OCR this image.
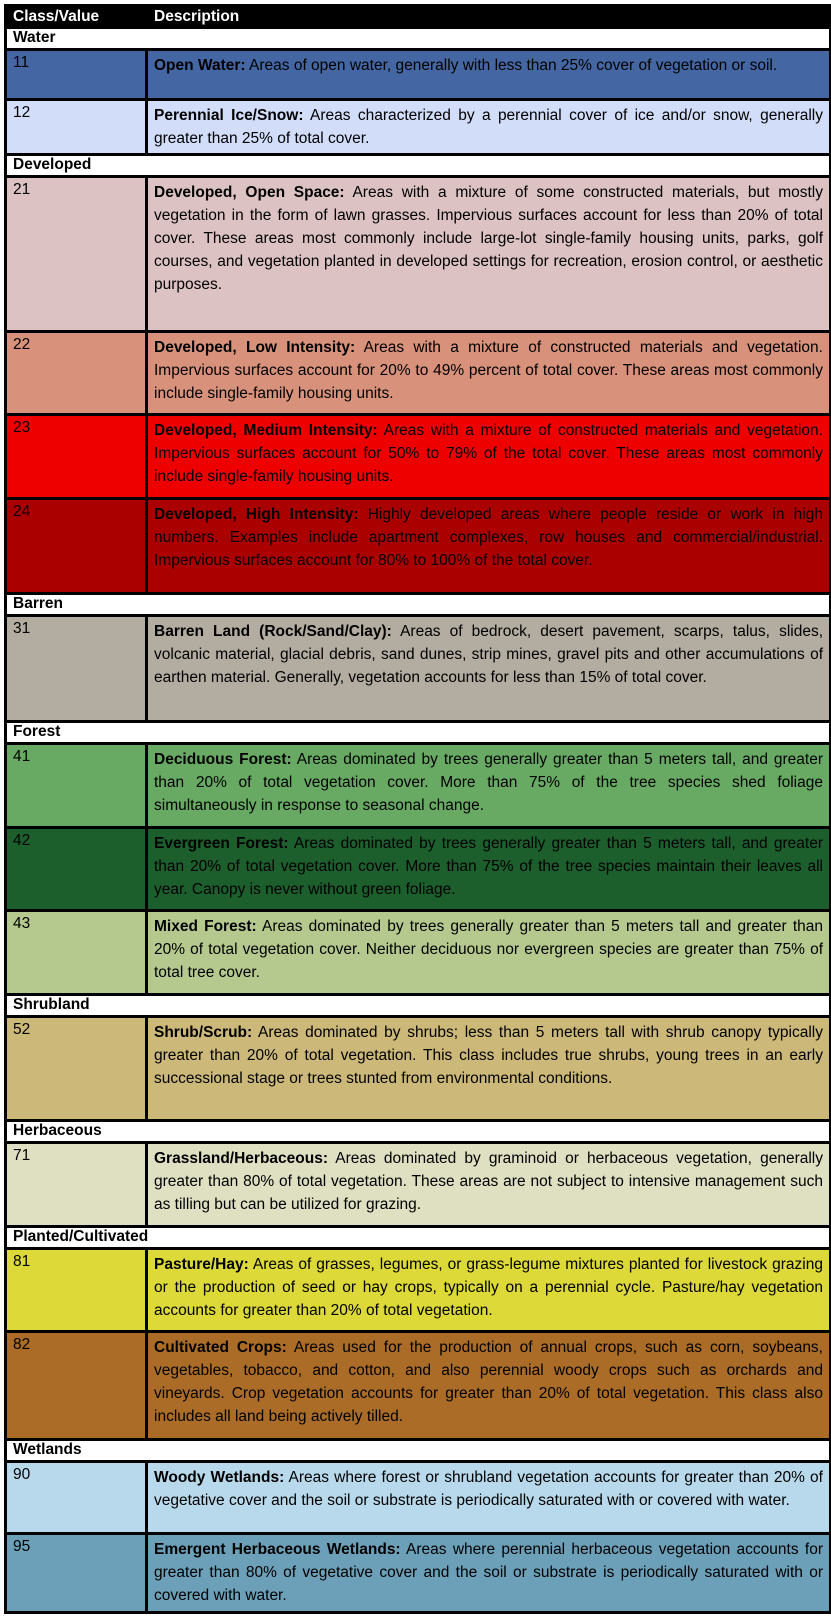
Class/Value	Description
Water	
11	Open Water: Areas of open water, generally with less than 25% cover of vegetation or soil.
12	Perennial Ice/Snow: Areas characterized by a perennial cover of ice and/or snow, generally greater than 25% of total cover.
Developed	
21	Developed, Open Space: Areas with a mixture of some constructed materials, but mostly vegetation in the form of lawn grasses. Impervious surfaces account for less than 20% of total cover. These areas most commonly include large-lot single-family housing units, parks, golf courses, and vegetation planted in developed settings for recreation, erosion control, or aesthetic purposes.
22	Developed, Low Intensity: Areas with a mixture of constructed materials and vegetation. Impervious surfaces account for 20% to 49% percent of total cover. These areas most commonly include single-family housing units.
23	Developed, Medium Intensity: Areas with a mixture of constructed materials and vegetation. Impervious surfaces account for 50% to 79% of the total cover. These areas most commonly include single-family housing units.
24	Developed, High Intensity: Highly developed areas where people reside or work in high numbers. Examples include apartment complexes, row houses and commercial/industrial. Impervious surfaces account for 80% to 100% of the total cover.
Barren	
31	Barren Land (Rock/Sand/Clay): Areas of bedrock, desert pavement, scarps, talus, slides, volcanic material, glacial debris, sand dunes, strip mines, gravel pits and other accumulations of earthen material. Generally, vegetation accounts for less than 15% of total cover.
Forest	
41	Deciduous Forest: Areas dominated by trees generally greater than 5 meters tall, and greater than 20% of total vegetation cover. More than 75% of the tree species shed foliage simultaneously in response to seasonal change.
42	Evergreen Forest: Areas dominated by trees generally greater than 5 meters tall, and greater than 20% of total vegetation cover. More than 75% of the tree species maintain their leaves all year. Canopy is never without green foliage.
43	Mixed Forest: Areas dominated by trees generally greater than 5 meters tall and greater than 20% of total vegetation cover. Neither deciduous nor evergreen species are greater than 75% of total tree cover.
Shrubland	
52	Shrub/Scrub: Areas dominated by shrubs; less than 5 meters tall with shrub canopy typically greater than 20% of total vegetation. This class includes true shrubs, young trees in an early successional stage or trees stunted from environmental conditions.
Herbaceous	
71	Grassland/Herbaceous: Areas dominated by graminoid or herbaceous vegetation, generally greater than 80% of total vegetation. These areas are not subject to intensive management such as tilling but can be utilized for grazing.
Planted/Cultivated	
81	Pasture/Hay: Areas of grasses, legumes, or grass-legume mixtures planted for livestock grazing or the production of seed or hay crops, typically on a perennial cycle. Pasture/hay vegetation accounts for greater than 20% of total vegetation.
82	Cultivated Crops: Areas used for the production of annual crops, such as corn, soybeans, vegetables, tobacco, and cotton, and also perennial woody crops such as orchards and vineyards. Crop vegetation accounts for greater than 20% of total vegetation. This class also includes all land being actively tilled.
Wetlands	
90	Woody Wetlands: Areas where forest or shrubland vegetation accounts for greater than 20% of vegetative cover and the soil or substrate is periodically saturated with or covered with water.
95	Emergent Herbaceous Wetlands: Areas where perennial herbaceous vegetation accounts for greater than 80% of vegetative cover and the soil or substrate is periodically saturated with or covered with water.
